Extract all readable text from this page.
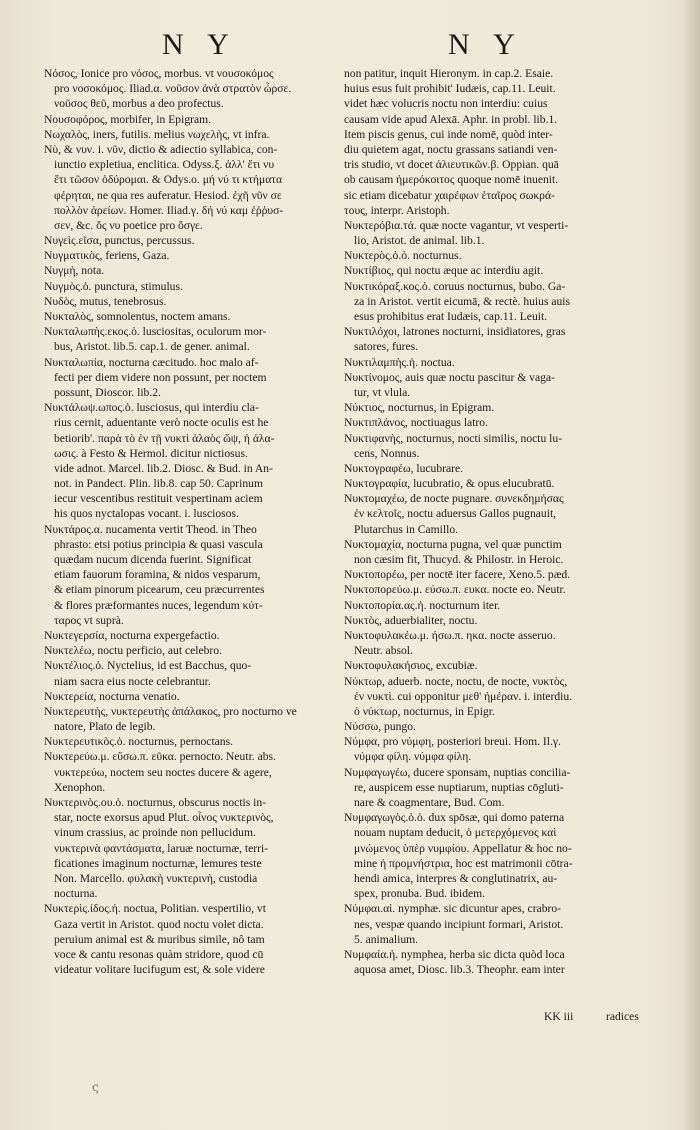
N Υ	N Υ
Νόσος, Ionice pro νόσος, morbus. vt νουσοκόμος
pro νοσοκόμος. Iliad.α. νοῦσον ἀνὰ στρατὸν ὦρσε.
νοῦσος θεῦ, morbus a deo profectus.
Νουσοφόρος, morbifer, in Epigram.
Νωχαλὸς, iners, futilis. melius νωχελὴς, vt infra.
Νὺ, & νυν. i. νῦν, dictio & adiectio syllabica, con-
iunctio expletiua, enclitica. Odyss.ξ. ἀλλ' ἔτι νυ
ἔτι τῶσον ὀδύρομαι. & Odys.ο. μή νύ τι κτήματα
φέρηται, ne qua res auferatur. Hesiod. ἐχῆ νῦν σε
πολλὸν ἀρείων. Homer. Iliad.γ. δή νύ καμ ἐῤῥυσ-
σεν, &c. ὅς νυ poetice pro ὅσγε.
Νυγεὶς.εῖσα, punctus, percussus.
Νυγματικὸς, feriens, Gaza.
Νυγμὴ, nota.
Νυγμὸς.ὁ. punctura, stimulus.
Νυδὸς, mutus, tenebrosus.
Νυκταλὸς, somnolentus, noctem amans.
Νυκταλωπὴς.εκος.ὁ. lusciositas, oculorum mor-
bus, Aristot. lib.5. cap.1. de gener. animal.
Νυκταλωπία, nocturna cæcitudo. hoc malo af-
fecti per diem videre non possunt, per noctem
possunt, Dioscor. lib.2.
Νυκτάλωψ.ωπος.ὁ. lusciosus, qui interdiu cla-
rius cernit, aduentante verò nocte oculis est he
betiorib'. παρὰ τὸ ἐν τῇ νυκτὶ ἀλαὸς ὤψ, ἡ ἀλα-
ωσις. à Festo & Hermol. dicitur nictiosus.
vide adnot. Marcel. lib.2. Diosc. & Bud. in An-
not. in Pandect. Plin. lib.8. cap 50. Caprinum
iecur vescentibus restituit vespertinam aciem
his quos nyctalopas vocant. i. lusciosos.
Νυκτάρος.α. nucamenta vertit Theod. in Theo
phrasto: etsi potius principia & quasi vascula
quædam nucum dicenda fuerint. Significat
etiam fauorum foramina, & nidos vesparum,
& etiam pinorum picearum, ceu præcurrentes
& flores præformantes nuces, legendum κύτ-
ταρος vt suprà.
Νυκτεγερσία, nocturna expergefactio.
Νυκτελέω, noctu perficio, aut celebro.
Νυκτέλιος.ὁ. Nyctelius, id est Bacchus, quo-
niam sacra eius nocte celebrantur.
Νυκτερεία, nocturna venatio.
Νυκτερευτὴς, νυκτερευτὴς ἀπάλακος, pro nocturno ve
natore, Plato de legib.
Νυκτερευτικὸς.ὁ. nocturnus, pernoctans.
Νυκτερεύω.μ. εὔσω.π. εῦκα. pernocto. Neutr. abs.
νυκτερεύω, noctem seu noctes ducere & agere,
Xenophon.
Νυκτερινὸς.ου.ὁ. nocturnus, obscurus noctis in-
star, nocte exorsus apud Plut. οἶνος νυκτερινὸς,
vinum crassius, ac proinde non pellucidum.
νυκτερινὰ φαντάσματα, laruæ nocturnæ, terri-
ficationes imaginum nocturnæ, lemures teste
Non. Marcello. φυλακὴ νυκτερινὴ, custodia
nocturna.
Νυκτερὶς.ίδος.ἡ. noctua, Politian. vespertilio, vt
Gaza vertit in Aristot. quod noctu volet dicta.
peruium animal est & muribus simile, nô tam
voce & cantu resonas quàm stridore, quod cū
videatur volitare lucifugum est, & sole videre
non patitur, inquit Hieronym. in cap.2. Esaie.
huius esus fuit prohibit' Iudæis, cap.11. Leuit.
videt hæc volucris noctu non interdiu: cuius
causam vide apud Alexā. Aphr. in probl. lib.1.
Item piscis genus, cui inde nomē, quòd inter-
diu quietem agat, noctu grassans satiandi ven-
tris studio, vt docet ἀλιευτικῶν.β. Oppian. quā
ob causam ἡμερόκοιτος quoque nomē inuenit.
sic etiam dicebatur χαιρέφων ἑταῖρος σωκρά-
τους, interpr. Aristoph.
Νυκτερόβια.τά. quæ nocte vagantur, vt vesperti-
lio, Aristot. de animal. lib.1.
Νυκτερὸς.ὁ.ὁ. nocturnus.
Νυκτίβιος, qui noctu æque ac interdiu agit.
Νυκτικόραξ.κος.ὁ. coruus nocturnus, bubo. Ga-
za in Aristot. vertit eicumā, & rectè. huius auis
esus prohibitus erat Iudæis, cap.11. Leuit.
Νυκτιλόχοι, latrones nocturni, insidiatores, gras
satores, fures.
Νυκτιλαμπὴς.ἡ. noctua.
Νυκτίνομος, auis quæ noctu pascitur & vaga-
tur, vt vlula.
Νύκτιος, nocturnus, in Epigram.
Νυκτιπλάνος, noctiuagus latro.
Νυκτιφανὴς, nocturnus, nocti similis, noctu lu-
cens, Nonnus.
Νυκτογραφέω, lucubrare.
Νυκτογραφία, lucubratio, & opus elucubratū.
Νυκτομαχέω, de nocte pugnare. συνεκδημήσας
ἐν κελτοῖς, noctu aduersus Gallos pugnauit,
Plutarchus in Camillo.
Νυκτομαχία, nocturna pugna, vel quæ punctim
non cæsim fit, Thucyd. & Philostr. in Heroic.
Νυκτοπορέω, per noctē iter facere, Xeno.5. pæd.
Νυκτοπορεύω.μ. εύσω.π. ευκα. nocte eo. Neutr.
Νυκτοπορία.ας.ἡ. nocturnum iter.
Νυκτὸς, aduerbialiter, noctu.
Νυκτοφυλακέω.μ. ήσω.π. ηκα. nocte asseruo.
Neutr. absol.
Νυκτοφυλακήσιος, excubiæ.
Νύκτωρ, aduerb. nocte, noctu, de nocte, νυκτὸς,
ἐν νυκτὶ. cui opponitur μεθ' ἡμέραν. i. interdiu.
ὁ νύκτωρ, nocturnus, in Epigr.
Νύσσω, pungo.
Νύμφα, pro νύμφη, posteriori breui. Hom. Il.γ.
νύμφα φίλη. νύμφα φίλη.
Νυμφαγωγέω, ducere sponsam, nuptias concilia-
re, auspicem esse nuptiarum, nuptias cōgluti-
nare & coagmentare, Bud. Com.
Νυμφαγωγὸς.ὁ.ὁ. dux spōsæ, qui domo paterna
nouam nuptam deducit, ὁ μετερχόμενος καὶ
μνώμενος ὑπὲρ νυμφίου. Appellatur & hoc no-
mine ἡ προμνήστρια, hoc est matrimonii cōtra-
hendi amica, interpres & conglutinatrix, au-
spex, pronuba. Bud. ibidem.
Νύμφαι.αἱ. nymphæ. sic dicuntur apes, crabro-
nes, vespæ quando incipiunt formari, Aristot.
5. animalium.
Νυμφαία.ἡ. nymphea, herba sic dicta quòd loca
aquosa amet, Diosc. lib.3. Theophr. eam inter
KK iii	radices
ς
